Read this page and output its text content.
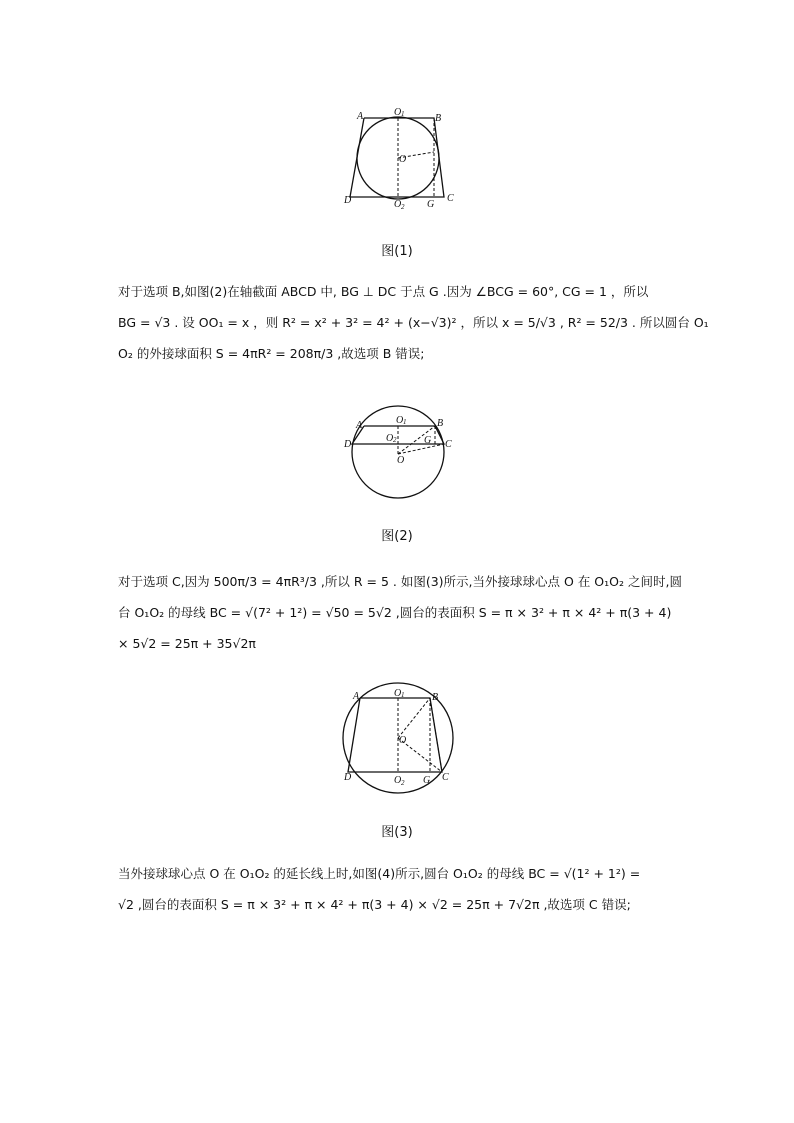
A	B
C
D
O
O 1
O 2 G
图(1)
对于选项 B,如图(2)在轴截面 ABCD 中, BG ⊥ DC 于点 G .因为 ∠BCG = 60°, CG = 1 ，所以
BG = √3 . 设 OO₁ = x ，则 R² = x² + 3² = 4² + (x−√3)² ，所以 x = 5/√3 , R² = 52/3 . 所以圆台 O₁
O₂ 的外接球面积 S = 4πR² = 208π/3 ,故选项 B 错误;
A	B
C
D
O
O 1
O 2	G
图(2)
对于选项 C,因为 500π/3 = 4πR³/3 ,所以 R = 5 . 如图(3)所示,当外接球球心点 O 在 O₁O₂ 之间时,圆
台 O₁O₂ 的母线 BC = √(7² + 1²) = √50 = 5√2 ,圆台的表面积 S = π × 3² + π × 4² + π(3 + 4)
× 5√2 = 25π + 35√2π
A	B
C
D
O
O 1
O 2 G
图(3)
当外接球球心点 O 在 O₁O₂ 的延长线上时,如图(4)所示,圆台 O₁O₂ 的母线 BC = √(1² + 1²) =
√2 ,圆台的表面积 S = π × 3² + π × 4² + π(3 + 4) × √2 = 25π + 7√2π ,故选项 C 错误;
